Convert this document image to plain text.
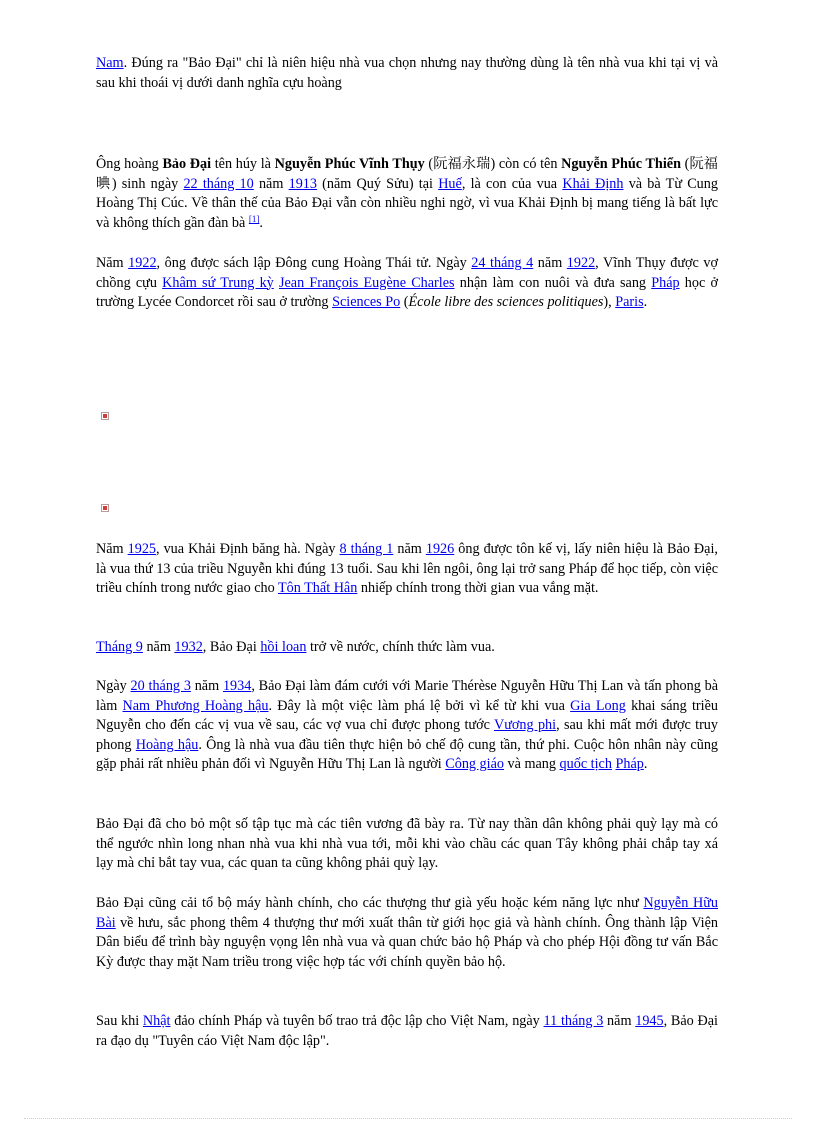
Nam. Đúng ra "Bảo Đại" chỉ là niên hiệu nhà vua chọn nhưng nay thường dùng là tên nhà vua khi tại vị và sau khi thoái vị dưới danh nghĩa cựu hoàng

Ông hoàng Bảo Đại tên húy là Nguyễn Phúc Vĩnh Thụy (阮福永瑞) còn có tên Nguyễn Phúc Thiển (阮福晪) sinh ngày 22 tháng 10 năm 1913 (năm Quý Sửu) tại Huế, là con của vua Khải Định và bà Từ Cung Hoàng Thị Cúc. Về thân thế của Bảo Đại vẫn còn nhiều nghi ngờ, vì vua Khải Định bị mang tiếng là bất lực và không thích gần đàn bà [1].

Năm 1922, ông được sách lập Đông cung Hoàng Thái tử. Ngày 24 tháng 4 năm 1922, Vĩnh Thụy được vợ chồng cựu Khâm sứ Trung kỳ Jean François Eugène Charles nhận làm con nuôi và đưa sang Pháp học ở trường Lycée Condorcet rồi sau ở trường Sciences Po (École libre des sciences politiques), Paris.

Năm 1925, vua Khải Định băng hà. Ngày 8 tháng 1 năm 1926 ông được tôn kế vị, lấy niên hiệu là Bảo Đại, là vua thứ 13 của triều Nguyễn khi đúng 13 tuổi. Sau khi lên ngôi, ông lại trở sang Pháp để học tiếp, còn việc triều chính trong nước giao cho Tôn Thất Hân nhiếp chính trong thời gian vua vắng mặt.

Tháng 9 năm 1932, Bảo Đại hồi loan trở về nước, chính thức làm vua.

Ngày 20 tháng 3 năm 1934, Bảo Đại làm đám cưới với Marie Thérèse Nguyễn Hữu Thị Lan và tấn phong bà làm Nam Phương Hoàng hậu. Đây là một việc làm phá lệ bởi vì kể từ khi vua Gia Long khai sáng triều Nguyễn cho đến các vị vua về sau, các vợ vua chỉ được phong tước Vương phi, sau khi mất mới được truy phong Hoàng hậu. Ông là nhà vua đầu tiên thực hiện bỏ chế độ cung tần, thứ phi. Cuộc hôn nhân này cũng gặp phải rất nhiều phản đối vì Nguyễn Hữu Thị Lan là người Công giáo và mang quốc tịch Pháp.

Bảo Đại đã cho bỏ một số tập tục mà các tiên vương đã bày ra. Từ nay thần dân không phải quỳ lạy mà có thể ngước nhìn long nhan nhà vua khi nhà vua tới, mỗi khi vào chầu các quan Tây không phải chắp tay xá lạy mà chỉ bắt tay vua, các quan ta cũng không phải quỳ lạy.

Bảo Đại cũng cải tổ bộ máy hành chính, cho các thượng thư già yếu hoặc kém năng lực như Nguyễn Hữu Bài về hưu, sắc phong thêm 4 thượng thư mới xuất thân từ giới học giả và hành chính. Ông thành lập Viện Dân biểu để trình bày nguyện vọng lên nhà vua và quan chức bảo hộ Pháp và cho phép Hội đồng tư vấn Bắc Kỳ được thay mặt Nam triều trong việc hợp tác với chính quyền bảo hộ.

Sau khi Nhật đảo chính Pháp và tuyên bố trao trả độc lập cho Việt Nam, ngày 11 tháng 3 năm 1945, Bảo Đại ra đạo dụ "Tuyên cáo Việt Nam độc lập".
